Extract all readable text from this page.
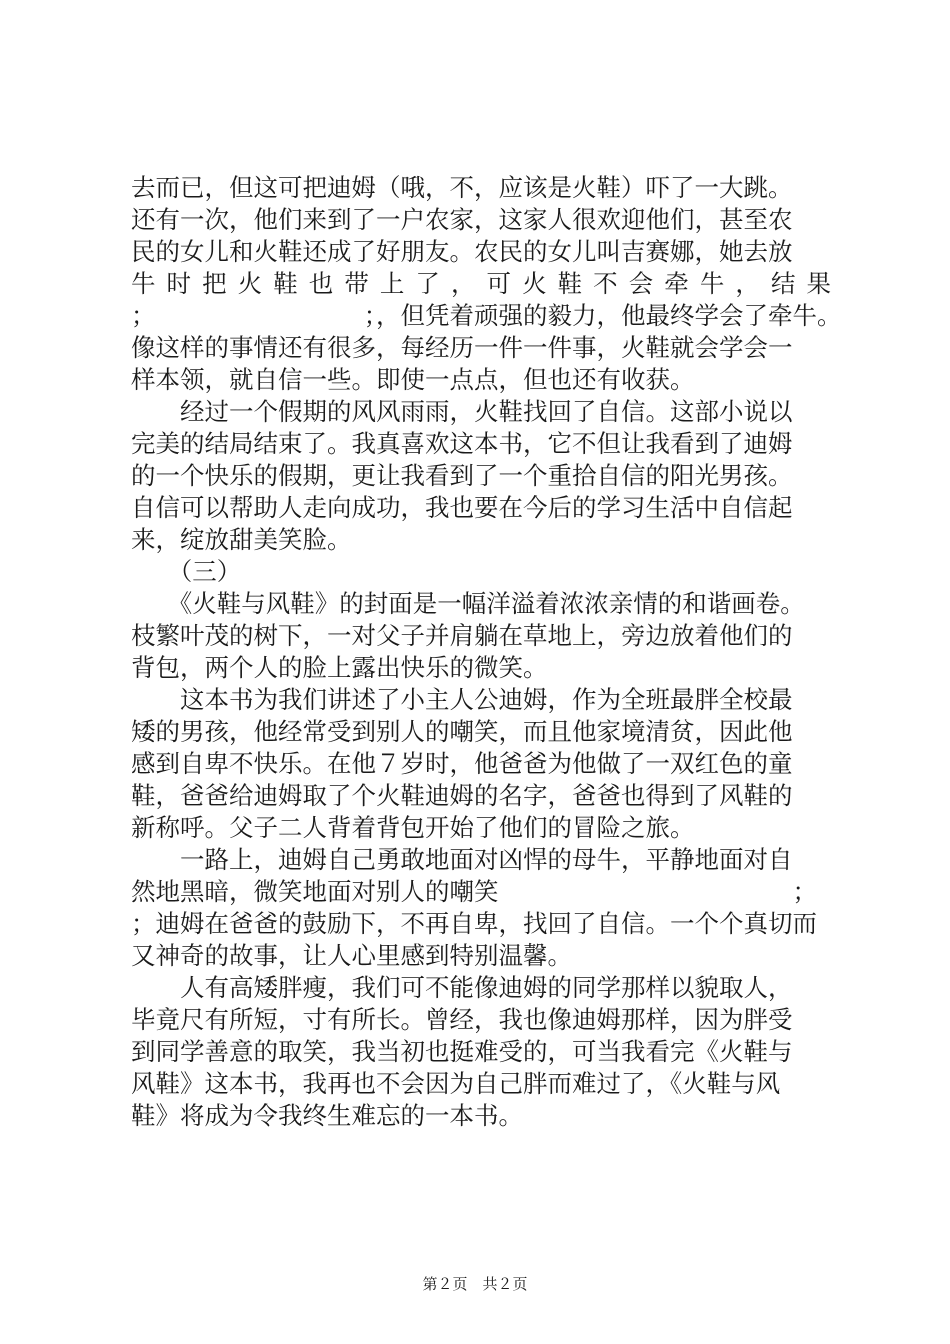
去而已，但这可把迪姆（哦，不，应该是火鞋）吓了一大跳。
还有一次，他们来到了一户农家，这家人很欢迎他们，甚至农
民的女儿和火鞋还成了好朋友。农民的女儿叫吉赛娜，她去放
牛 时 把 火 鞋 也 带 上 了 ， 可 火 鞋 不 会 牵 牛 ， 结 果
；　　　　　　　　　；，但凭着顽强的毅力，他最终学会了牵牛。
像这样的事情还有很多，每经历一件一件事，火鞋就会学会一
样本领，就自信一些。即使一点点，但也还有收获。
　　经过一个假期的风风雨雨，火鞋找回了自信。这部小说以
完美的结局结束了。我真喜欢这本书，它不但让我看到了迪姆
的一个快乐的假期，更让我看到了一个重拾自信的阳光男孩。
自信可以帮助人走向成功，我也要在今后的学习生活中自信起
来，绽放甜美笑脸。
　　（三）
　　《火鞋与风鞋》的封面是一幅洋溢着浓浓亲情的和谐画卷。
枝繁叶茂的树下，一对父子并肩躺在草地上，旁边放着他们的
背包，两个人的脸上露出快乐的微笑。
　　这本书为我们讲述了小主人公迪姆，作为全班最胖全校最
矮的男孩，他经常受到别人的嘲笑，而且他家境清贫，因此他
感到自卑不快乐。在他７岁时，他爸爸为他做了一双红色的童
鞋，爸爸给迪姆取了个火鞋迪姆的名字，爸爸也得到了风鞋的
新称呼。父子二人背着背包开始了他们的冒险之旅。
　　一路上，迪姆自己勇敢地面对凶悍的母牛，平静地面对自
然地黑暗，微笑地面对别人的嘲笑　　　　　　　　　　　　；
；迪姆在爸爸的鼓励下，不再自卑，找回了自信。一个个真切而
又神奇的故事，让人心里感到特别温馨。
　　人有高矮胖瘦，我们可不能像迪姆的同学那样以貌取人，
毕竟尺有所短，寸有所长。曾经，我也像迪姆那样，因为胖受
到同学善意的取笑，我当初也挺难受的，可当我看完《火鞋与
风鞋》这本书，我再也不会因为自己胖而难过了，《火鞋与风
鞋》将成为令我终生难忘的一本书。
第２页　共２页
